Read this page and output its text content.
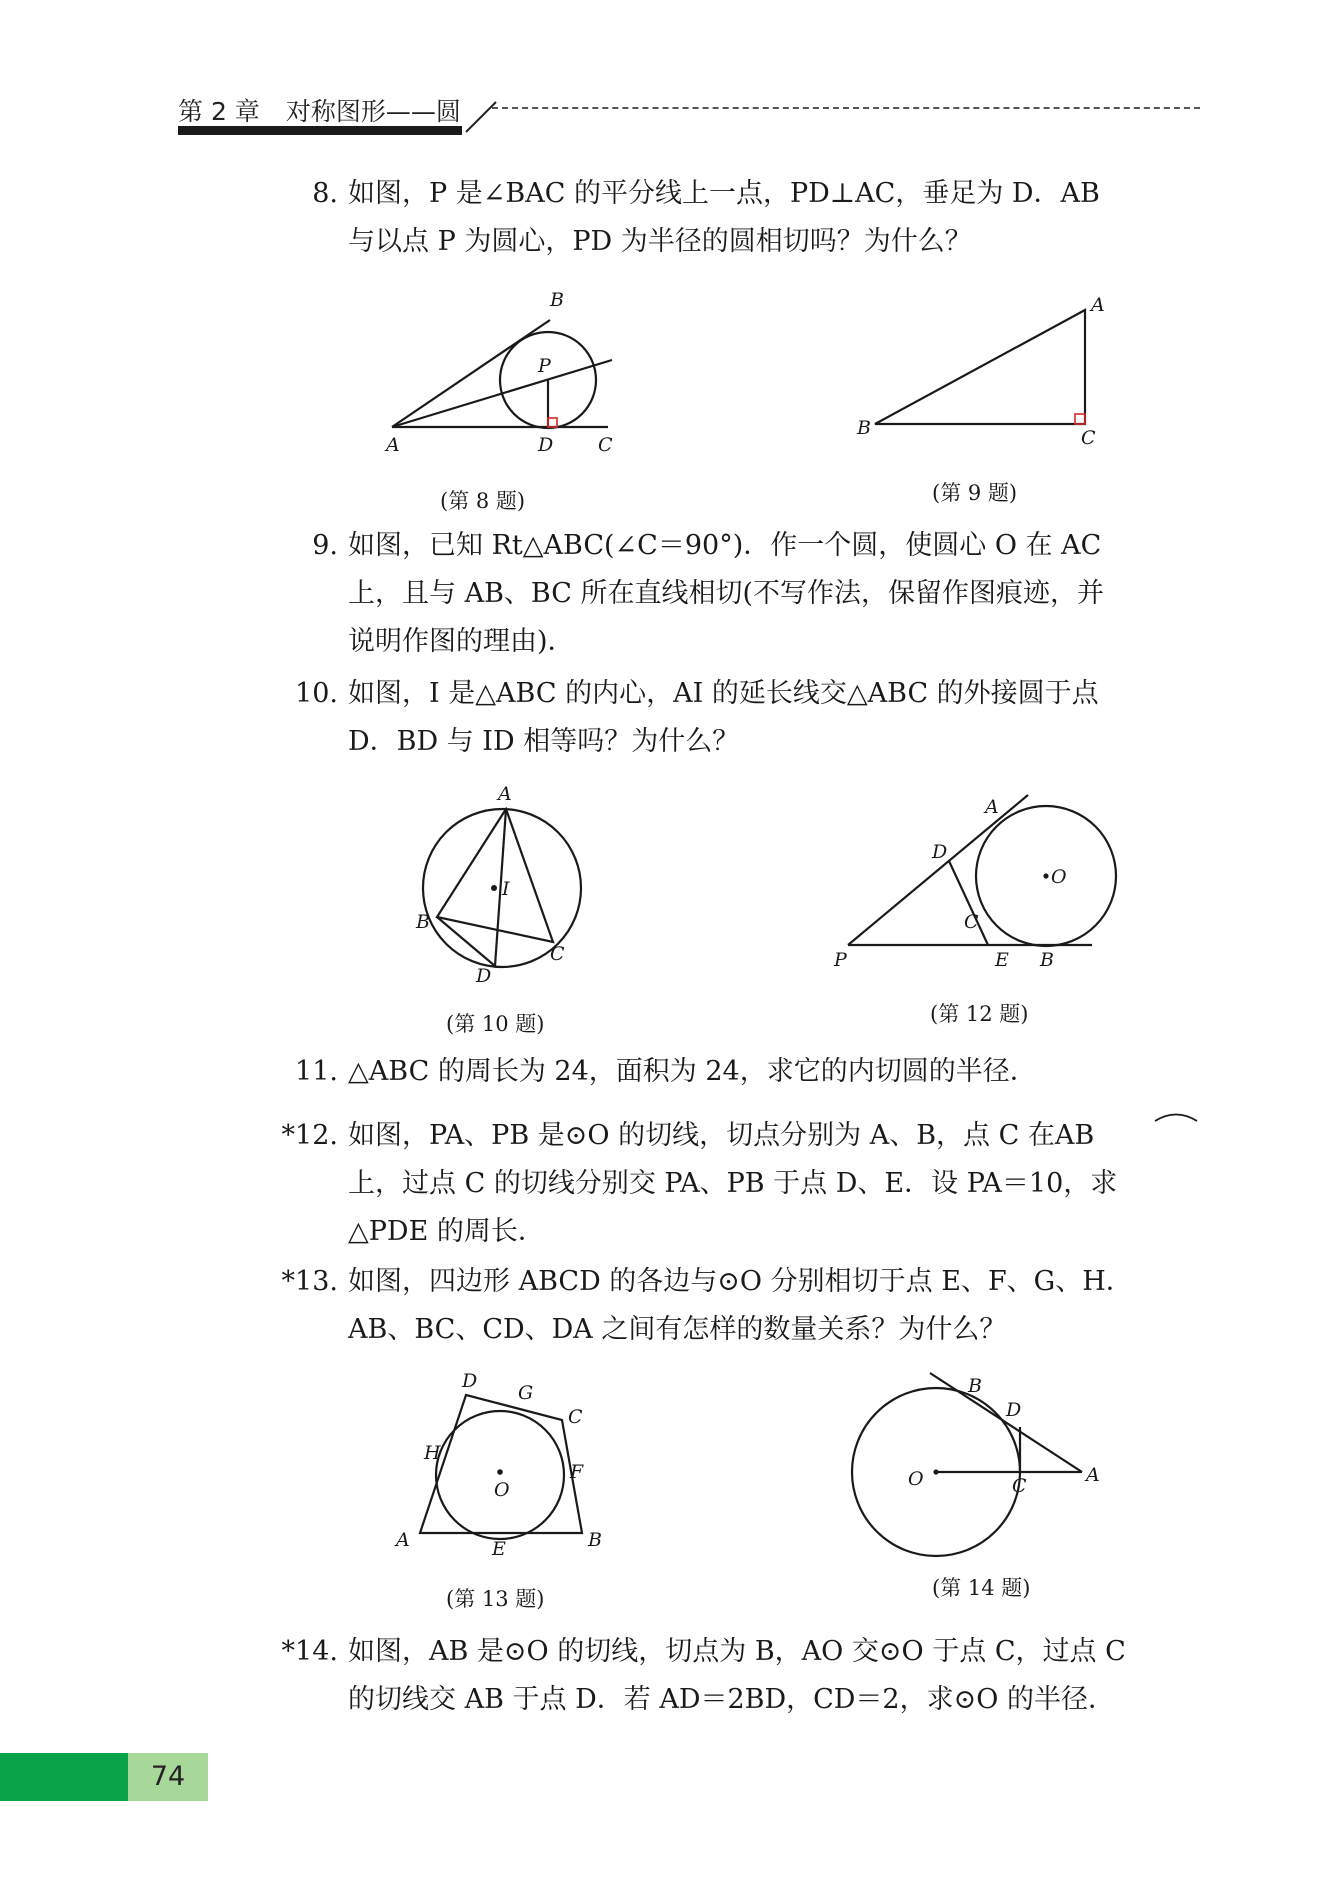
第 2 章 对称图形——圆
8. 如图，P 是∠BAC 的平分线上一点，PD⊥AC，垂足为 D．AB
与以点 P 为圆心，PD 为半径的圆相切吗？为什么？
B
P
A	D C
(第 8 题)
A
B	C
(第 9 题)
9. 如图，已知 Rt△ABC(∠C＝90°)．作一个圆，使圆心 O 在 AC
上，且与 AB、BC 所在直线相切(不写作法，保留作图痕迹，并
说明作图的理由)．
10. 如图，I 是△ABC 的内心，AI 的延长线交△ABC 的外接圆于点
D．BD 与 ID 相等吗？为什么？
A
I
B
D
C
(第 10 题)
A
D
O
C
P	E B
(第 12 题)
11. △ABC 的周长为 24，面积为 24，求它的内切圆的半径．
*12. 如图，PA、PB 是⊙O 的切线，切点分别为 A、B，点 C 在AB
上，过点 C 的切线分别交 PA、PB 于点 D、E．设 PA＝10，求
△PDE 的周长．
*13. 如图，四边形 ABCD 的各边与⊙O 分别相切于点 E、F、G、H．
AB、BC、CD、DA 之间有怎样的数量关系？为什么？
D
G
C
H
F
O
A	E	B
(第 13 题)
B
D
O	C	A
(第 14 题)
*14. 如图，AB 是⊙O 的切线，切点为 B，AO 交⊙O 于点 C，过点 C
的切线交 AB 于点 D．若 AD＝2BD，CD＝2，求⊙O 的半径．
74
